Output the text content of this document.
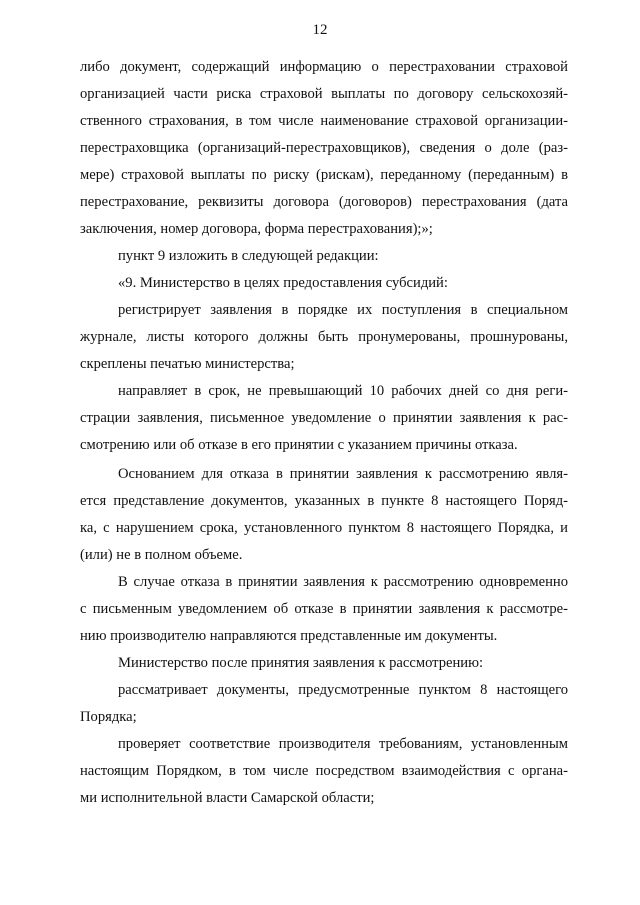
12
либо документ, содержащий информацию о перестраховании страховой
организацией части риска страховой выплаты по договору сельскохозяй-
ственного страхования, в том числе наименование страховой организации-
перестраховщика (организаций-перестраховщиков), сведения о доле (раз-
мере) страховой выплаты по риску (рискам), переданному (переданным) в
перестрахование, реквизиты договора (договоров) перестрахования (дата
заключения, номер договора, форма перестрахования);»;
пункт 9 изложить в следующей редакции:
«9. Министерство в целях предоставления субсидий:
регистрирует заявления в порядке их поступления в специальном
журнале, листы которого должны быть пронумерованы, прошнурованы,
скреплены печатью министерства;
направляет в срок, не превышающий 10 рабочих дней со дня реги-
страции заявления, письменное уведомление о принятии заявления к рас-
смотрению или об отказе в его принятии с указанием причины отказа.
Основанием для отказа в принятии заявления к рассмотрению явля-
ется представление документов, указанных в пункте 8 настоящего Поряд-
ка, с нарушением срока, установленного пунктом 8 настоящего Порядка, и
(или) не в полном объеме.
В случае отказа в принятии заявления к рассмотрению одновременно
с письменным уведомлением об отказе в принятии заявления к рассмотре-
нию производителю направляются представленные им документы.
Министерство после принятия заявления к рассмотрению:
рассматривает документы, предусмотренные пунктом 8 настоящего
Порядка;
проверяет соответствие производителя требованиям, установленным
настоящим Порядком, в том числе посредством взаимодействия с органа-
ми исполнительной власти Самарской области;
